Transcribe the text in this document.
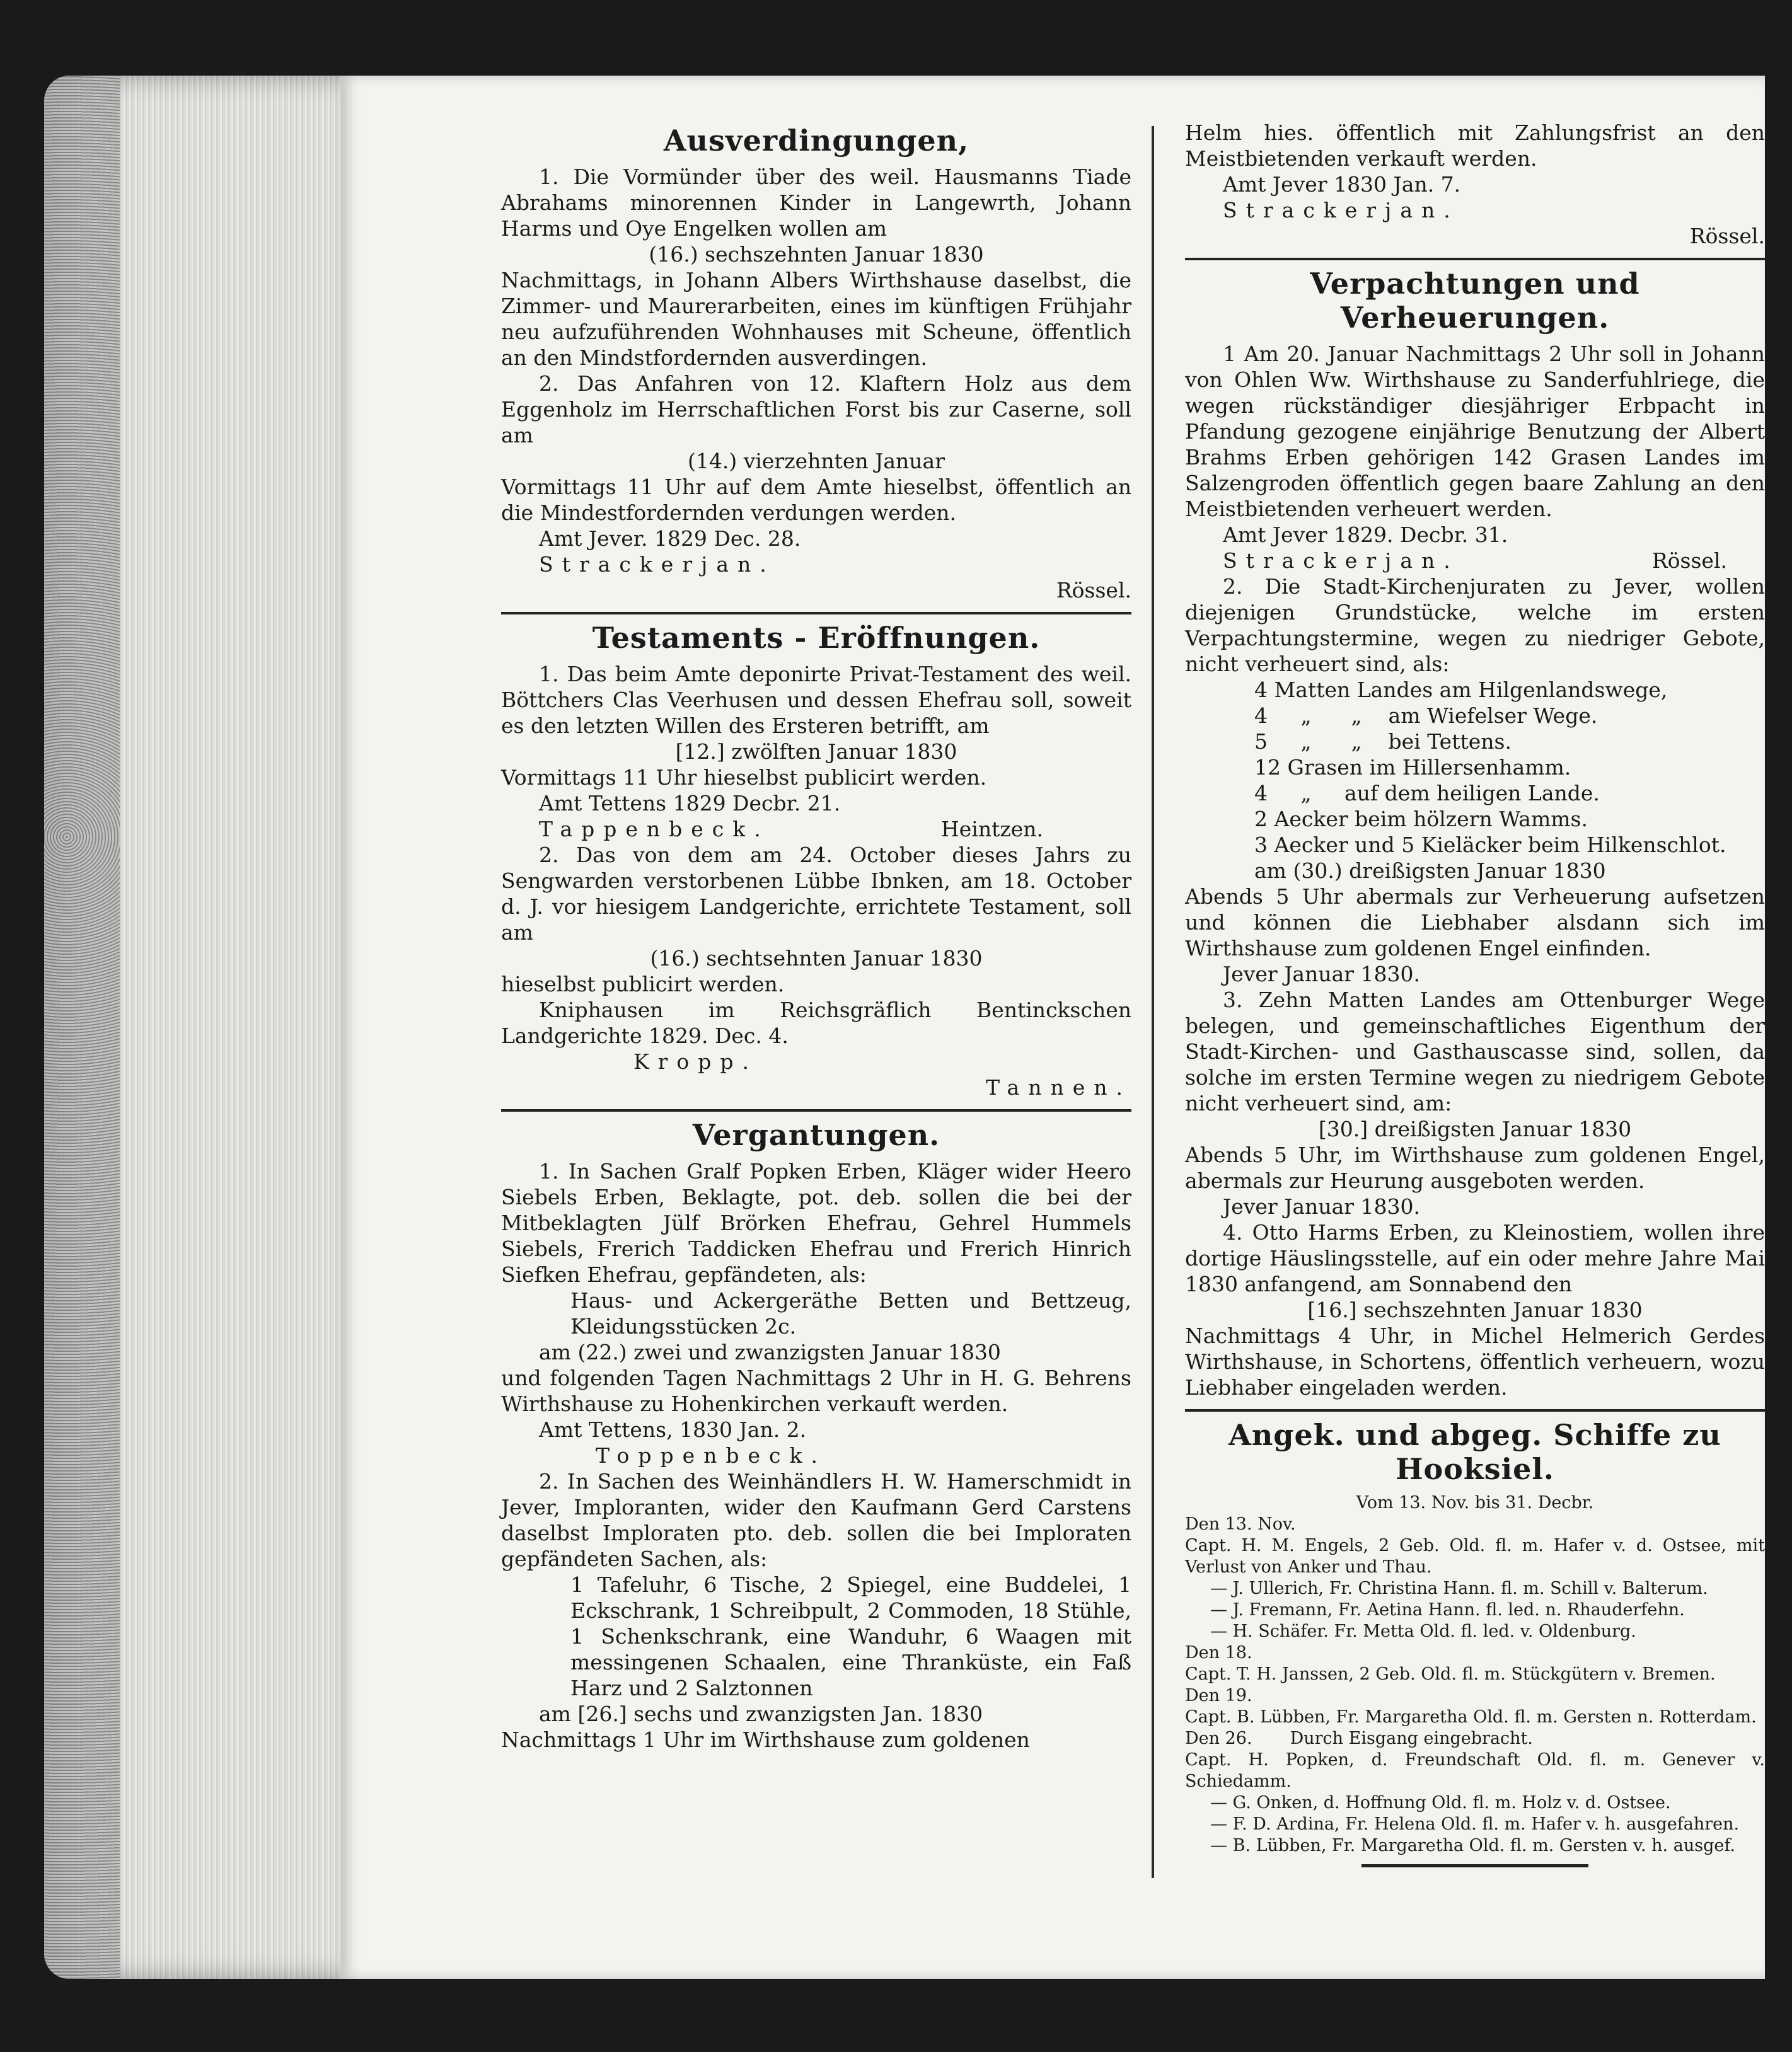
Ausverdingungen,

1. Die Vormünder über des weil. Hausmanns Tiade Abrahams minorennen Kinder in Langewrth, Johann Harms und Oye Engelken wollen am

(16.) sechszehnten Januar 1830

Nachmittags, in Johann Albers Wirthshause daselbst, die Zimmer- und Maurerarbeiten, eines im künftigen Frühjahr neu aufzuführenden Wohnhauses mit Scheune, öffentlich an den Mindstfordernden ausverdingen.

2. Das Anfahren von 12. Klaftern Holz aus dem Eggenholz im Herrschaftlichen Forst bis zur Caserne, soll am

(14.) vierzehnten Januar

Vormittags 11 Uhr auf dem Amte hieselbst, öffentlich an die Mindestfordernden verdungen werden.

Amt Jever. 1829 Dec. 28.

Strackerjan.

Rössel.

Testaments - Eröffnungen.

1. Das beim Amte deponirte Privat-Testament des weil. Böttchers Clas Veerhusen und dessen Ehefrau soll, soweit es den letzten Willen des Ersteren betrifft, am

[12.] zwölften Januar 1830

Vormittags 11 Uhr hieselbst publicirt werden.

Amt Tettens 1829 Decbr. 21.

Tappenbeck.	Heintzen.

2. Das von dem am 24. October dieses Jahrs zu Sengwarden verstorbenen Lübbe Ibnken, am 18. October d. J. vor hiesigem Landgerichte, errichtete Testament, soll am

(16.) sechtsehnten Januar 1830

hieselbst publicirt werden.

Kniphausen im Reichsgräflich Bentinckschen Landgerichte 1829. Dec. 4.

Kropp.

Tannen.

Vergantungen.

1. In Sachen Gralf Popken Erben, Kläger wider Heero Siebels Erben, Beklagte, pot. deb. sollen die bei der Mitbeklagten Jülf Brörken Ehefrau, Gehrel Hummels Siebels, Frerich Taddicken Ehefrau und Frerich Hinrich Siefken Ehefrau, gepfändeten, als:

Haus- und Ackergeräthe Betten und Bettzeug, Kleidungsstücken 2c.

am (22.) zwei und zwanzigsten Januar 1830

und folgenden Tagen Nachmittags 2 Uhr in H. G. Behrens Wirthshause zu Hohenkirchen verkauft werden.

Amt Tettens, 1830 Jan. 2.

Toppenbeck.

2. In Sachen des Weinhändlers H. W. Hamerschmidt in Jever, Imploranten, wider den Kaufmann Gerd Carstens daselbst Imploraten pto. deb. sollen die bei Imploraten gepfändeten Sachen, als:

1 Tafeluhr, 6 Tische, 2 Spiegel, eine Buddelei, 1 Eckschrank, 1 Schreibpult, 2 Commoden, 18 Stühle, 1 Schenkschrank, eine Wanduhr, 6 Waagen mit messingenen Schaalen, eine Thranküste, ein Faß Harz und 2 Salztonnen

am [26.] sechs und zwanzigsten Jan. 1830

Nachmittags 1 Uhr im Wirthshause zum goldenen

Helm hies. öffentlich mit Zahlungsfrist an den Meistbietenden verkauft werden.

Amt Jever 1830 Jan. 7.

Strackerjan.

Rössel.

Verpachtungen und Verheuerungen.

1 Am 20. Januar Nachmittags 2 Uhr soll in Johann von Ohlen Ww. Wirthshause zu Sanderfuhlriege, die wegen rückständiger diesjähriger Erbpacht in Pfandung gezogene einjährige Benutzung der Albert Brahms Erben gehörigen 142 Grasen Landes im Salzengroden öffentlich gegen baare Zahlung an den Meistbietenden verheuert werden.

Amt Jever 1829. Decbr. 31.

Strackerjan.	Rössel.

2. Die Stadt-Kirchenjuraten zu Jever, wollen diejenigen Grundstücke, welche im ersten Verpachtungstermine, wegen zu niedriger Gebote, nicht verheuert sind, als:

4 Matten Landes am Hilgenlandswege,

4     „      „    am Wiefelser Wege.

5     „      „    bei Tettens.

12 Grasen im Hillersenhamm.

4     „     auf dem heiligen Lande.

2 Aecker beim hölzern Wamms.

3 Aecker und 5 Kieläcker beim Hilkenschlot.

am (30.) dreißigsten Januar 1830

Abends 5 Uhr abermals zur Verheuerung aufsetzen und können die Liebhaber alsdann sich im Wirthshause zum goldenen Engel einfinden.

Jever Januar 1830.

3. Zehn Matten Landes am Ottenburger Wege belegen, und gemeinschaftliches Eigenthum der Stadt-Kirchen- und Gasthauscasse sind, sollen, da solche im ersten Termine wegen zu niedrigem Gebote nicht verheuert sind, am:

[30.] dreißigsten Januar 1830

Abends 5 Uhr, im Wirthshause zum goldenen Engel, abermals zur Heurung ausgeboten werden.

Jever Januar 1830.

4. Otto Harms Erben, zu Kleinostiem, wollen ihre dortige Häuslingsstelle, auf ein oder mehre Jahre Mai 1830 anfangend, am Sonnabend den

[16.] sechszehnten Januar 1830

Nachmittags 4 Uhr, in Michel Helmerich Gerdes Wirthshause, in Schortens, öffentlich verheuern, wozu Liebhaber eingeladen werden.

Angek. und abgeg. Schiffe zu Hooksiel.

Vom 13. Nov. bis 31. Decbr.

Den 13. Nov.

Capt. H. M. Engels, 2 Geb. Old. fl. m. Hafer v. d. Ostsee, mit Verlust von Anker und Thau.

— J. Ullerich, Fr. Christina Hann. fl. m. Schill v. Balterum.

— J. Fremann, Fr. Aetina Hann. fl. led. n. Rhauderfehn.

— H. Schäfer. Fr. Metta Old. fl. led. v. Oldenburg.

Den 18.

Capt. T. H. Janssen, 2 Geb. Old. fl. m. Stückgütern v. Bremen.

Den 19.

Capt. B. Lübben, Fr. Margaretha Old. fl. m. Gersten n. Rotterdam.

Den 26.       Durch Eisgang eingebracht.

Capt. H. Popken, d. Freundschaft Old. fl. m. Genever v. Schiedamm.

— G. Onken, d. Hoffnung Old. fl. m. Holz v. d. Ostsee.

— F. D. Ardina, Fr. Helena Old. fl. m. Hafer v. h. ausgefahren.

— B. Lübben, Fr. Margaretha Old. fl. m. Gersten v. h. ausgef.
